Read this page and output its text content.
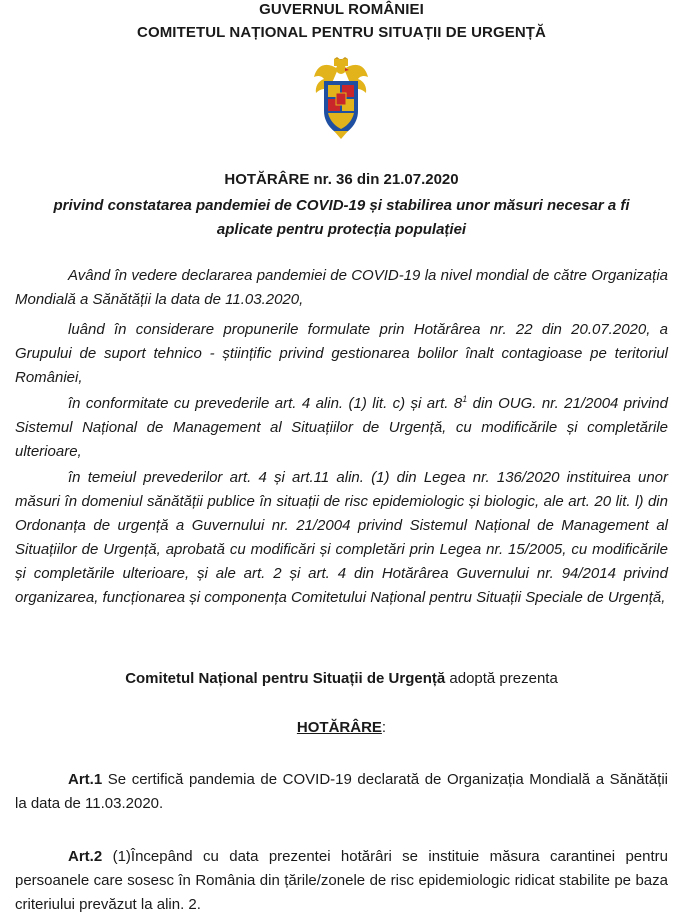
GUVERNUL ROMÂNIEI
COMITETUL NAȚIONAL PENTRU SITUAȚII DE URGENȚĂ
HOTĂRÂRE nr. 36 din 21.07.2020
privind constatarea pandemiei de COVID-19 și stabilirea unor măsuri necesar a fi aplicate pentru protecția populației

Având în vedere declararea pandemiei de COVID-19 la nivel mondial de către Organizația Mondială a Sănătății la data de 11.03.2020,

luând în considerare propunerile formulate prin Hotărârea nr. 22 din 20.07.2020, a Grupului de suport tehnico - științific privind gestionarea bolilor înalt contagioase pe teritoriul României,

în conformitate cu prevederile art. 4 alin. (1) lit. c) și art. $8^1$ din OUG. nr. 21/2004 privind Sistemul Național de Management al Situațiilor de Urgență, cu modificările și completările ulterioare,

în temeiul prevederilor art. 4 și art.11 alin. (1) din Legea nr. 136/2020 instituirea unor măsuri în domeniul sănătății publice în situații de risc epidemiologic și biologic, ale art. 20 lit. l) din Ordonanța de urgență a Guvernului nr. 21/2004 privind Sistemul Național de Management al Situațiilor de Urgență, aprobată cu modificări și completări prin Legea nr. 15/2005, cu modificările și completările ulterioare, și ale art. 2 și art. 4 din Hotărârea Guvernului nr. 94/2014 privind organizarea, funcționarea și componența Comitetului Național pentru Situații Speciale de Urgență,

Comitetul Național pentru Situații de Urgență adoptă prezenta
HOTĂRÂRE:

Art.1 Se certifică pandemia de COVID-19 declarată de Organizația Mondială a Sănătății la data de 11.03.2020.

Art.2 (1)Începând cu data prezentei hotărâri se instituie măsura carantinei pentru persoanele care sosesc în România din țările/zonele de risc epidemiologic ridicat stabilite pe baza criteriului prevăzut la alin. 2.
